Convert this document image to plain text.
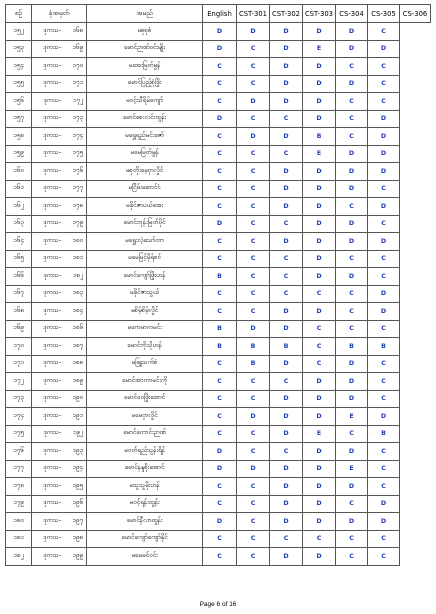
စဉ်	ခုံအမှတ်	အမည်	English	CST-301	CST-302	CST-303	CS-304	CS-305	CS-306
၁၅၂	ဒုကသ- ၁၆၈	မစုစုစံ	D	D	D	D	D	C	
၁၅၃	ဒုကသ- ၁၆၉	မောင်ဉာဏ်ဝင်းမျိုး	D	C	D	E	D	D	
၁၅၄	ဒုကသ- ၁၇၀	မအေးမြတ်မွန်	C	C	D	D	C	C	
၁၅၅	ဒုကသ- ၁၇၁	မောင်ပြည့်စုံဖြိုး	C	C	D	D	D	C	
၁၅၆	ဒုကသ- ၁၇၂	မဝင့်သီရိမ်ကျော်	C	D	D	D	C	C	
၁၅၇	ဒုကသ- ၁၇၃	မောင်စေးလင်းထွန်း	D	C	C	D	C	D	
၁၅၈	ဒုကသ- ၁၇၄	မရွှေရည်မင်းဇော်	C	D	D	B	C	D	
၁၅၉	ဒုကသ- ၁၇၅	မမေမြတ်မွန်	C	C	C	E	D	D	
၁၆၀	ဒုကသ- ၁၇၆	မစုတိုးမေ့ဝှာလှိုင်	C	C	D	D	D	D	
၁၆၁	ဒုကသ- ၁၇၇	မငြိမ်းဆောင်ငံ	C	C	D	D	D	C	
၁၆၂	ဒုကသ- ၁၇၈	မခိုင်ဇာပယ်အေး	C	C	D	D	C	D	
၁၆၃	ဒုကသ- ၁၇၉	မောင်ဘုန်းမြတ်ပိုင်	D	C	C	D	D	C	
၁၆၄	ဒုကသ- ၁၈၀	မရွှေးလဲ့သော်တာ	C	C	D	D	D	D	
၁၆၅	ဒုကသ- ၁၈၁	မမေမြင့်မိုရ်စင်	C	C	C	D	C	C	
၁၆၆	ဒုကသ- ၁၈၂	မောင်ကျော်ဖြိုးဟန်	B	C	C	D	D	C	
၁၆၇	ဒုကသ- ၁၈၃	မခိုင်ဇာသွယ်	C	C	C	C	C	D	
၁၆၈	ဒုကသ- ၁၈၄	မစိမ့်စိမ့်လှိုင်	C	C	D	D	C	D	
၁၆၉	ဒုကသ- ၁၈၆	မကေမာကမင်း	B	D	D	C	C	C	
၁၇၀	ဒုကသ- ၁၈၇	မောင်ဘိုသိုဟန်	B	B	B	C	B	B	
၁၇၁	ဒုကသ- ၁၈၈	မဖြူသက်စံ	C	B	D	C	D	C	
၁၇၂	ဒုကသ- ၁၈၉	မောင်အာကာမင်းကို	C	C	C	D	D	C	
၁၇၃	ဒုကသ- ၁၉၀	မောင်ဝေဖြိုးအောင်	C	C	D	D	D	C	
၁၇၄	ဒုကသ- ၁၉၁	မမေဝှာလှိုင်	C	D	D	D	E	D	
၁၇၅	ဒုကသ- ၁၉၂	မောင်ကောင်းဉာဏ်	C	C	D	E	C	B	
၁၇၆	ဒုကသ- ၁၉၃	မဝတ်ရည်သွန်းရိန်	D	C	C	D	D	C	
၁၇၇	ဒုကသ- ၁၉၄	မောင်နန္ဒစိုးအောင်	D	D	D	D	E	C	
၁၇၈	ဒုကသ- ၁၉၅	မသူသူမိုးဟန်	C	C	D	D	D	C	
၁၇၉	ဒုကသ- ၁၉၆	မဝင့်ရန်းထွန်း	C	C	D	D	C	D	
၁၈၀	ဒုကသ- ၁၉၇	မောင်နီလာထွန်း	D	C	D	D	D	D	
၁၈၁	ဒုကသ- ၁၉၈	မောင်ကျော်ကျော်နိုင်	C	C	C	C	C	C	
၁၈၂	ဒုကသ- ၁၉၉	မမေမင်ဝင်း	C	C	D	D	C	C	
Page 6 of 16
